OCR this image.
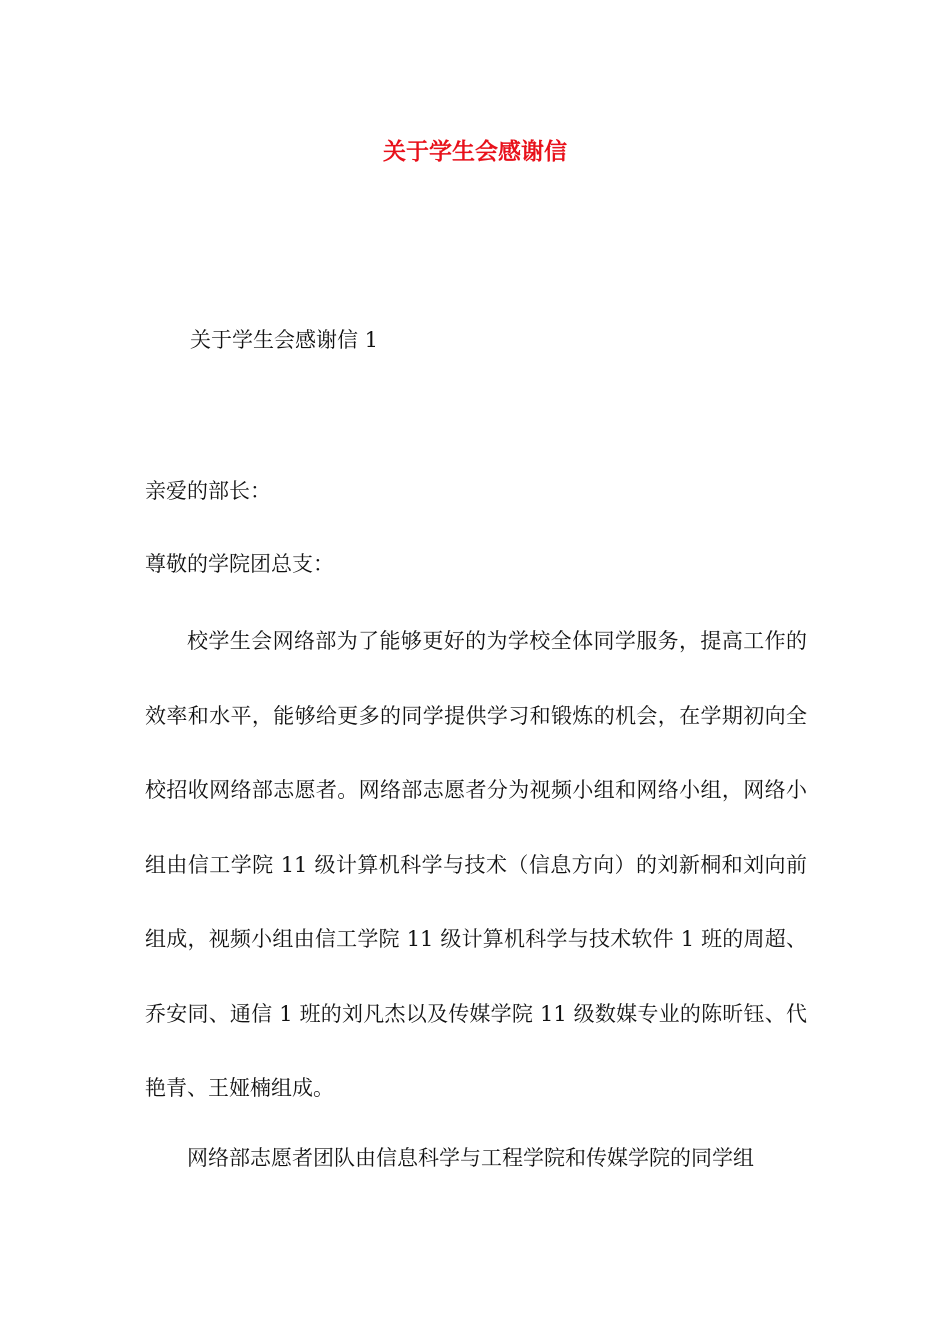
关于学生会感谢信

关于学生会感谢信 1

亲爱的部长：

尊敬的学院团总支：

校学生会网络部为了能够更好的为学校全体同学服务，提高工作的效率和水平，能够给更多的同学提供学习和锻炼的机会，在学期初向全校招收网络部志愿者。网络部志愿者分为视频小组和网络小组，网络小组由信工学院 11 级计算机科学与技术（信息方向）的刘新桐和刘向前组成，视频小组由信工学院 11 级计算机科学与技术软件 1 班的周超、乔安同、通信 1 班的刘凡杰以及传媒学院 11 级数媒专业的陈昕钰、代艳青、王娅楠组成。

网络部志愿者团队由信息科学与工程学院和传媒学院的同学组
